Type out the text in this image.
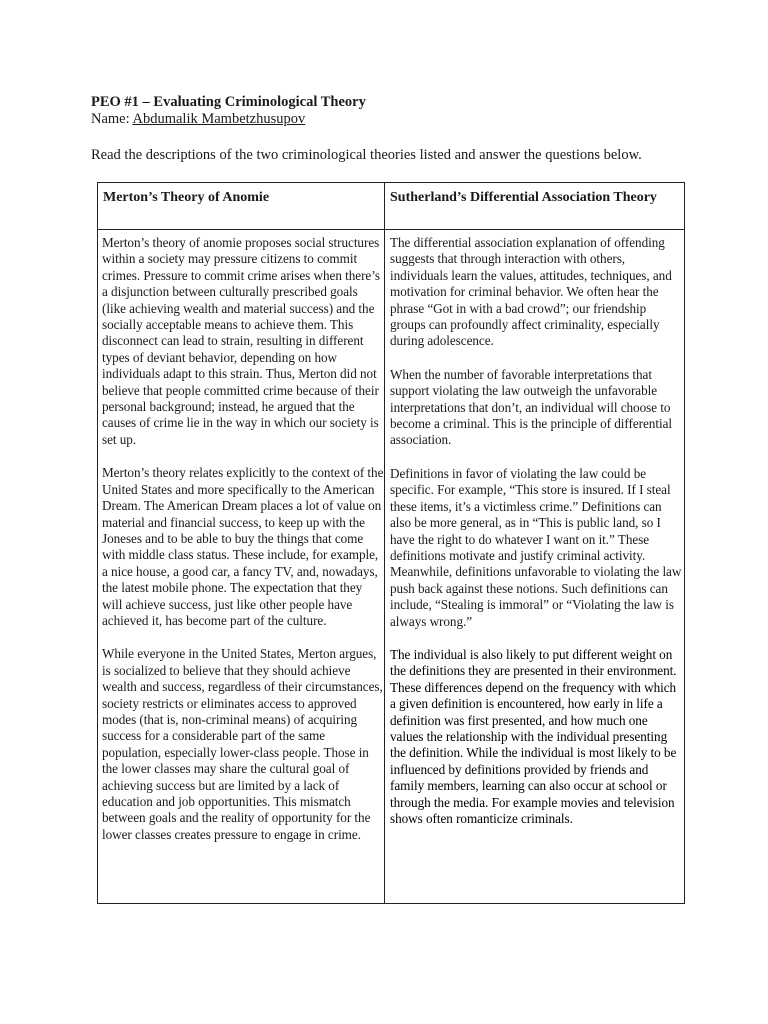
PEO #1 – Evaluating Criminological Theory
Name: Abdumalik Mambetzhusupov
Read the descriptions of the two criminological theories listed and answer the questions below.
Merton’s Theory of Anomie	Sutherland’s Differential Association Theory

Merton’s theory of anomie proposes social structures within a society may pressure citizens to commit crimes. Pressure to commit crime arises when there’s a disjunction between culturally prescribed goals (like achieving wealth and material success) and the socially acceptable means to achieve them. This disconnect can lead to strain, resulting in different types of deviant behavior, depending on how individuals adapt to this strain. Thus, Merton did not believe that people committed crime because of their personal background; instead, he argued that the causes of crime lie in the way in which our society is set up.

Merton’s theory relates explicitly to the context of the United States and more specifically to the American Dream. The American Dream places a lot of value on material and financial success, to keep up with the Joneses and to be able to buy the things that come with middle class status. These include, for example, a nice house, a good car, a fancy TV, and, nowadays, the latest mobile phone. The expectation that they will achieve success, just like other people have achieved it, has become part of the culture.

While everyone in the United States, Merton argues, is socialized to believe that they should achieve wealth and success, regardless of their circumstances, society restricts or eliminates access to approved modes (that is, non-criminal means) of acquiring success for a considerable part of the same population, especially lower-class people. Those in the lower classes may share the cultural goal of achieving success but are limited by a lack of education and job opportunities. This mismatch between goals and the reality of opportunity for the lower classes creates pressure to engage in crime.

The differential association explanation of offending suggests that through interaction with others, individuals learn the values, attitudes, techniques, and motivation for criminal behavior. We often hear the phrase “Got in with a bad crowd”; our friendship groups can profoundly affect criminality, especially during adolescence.

When the number of favorable interpretations that support violating the law outweigh the unfavorable interpretations that don’t, an individual will choose to become a criminal. This is the principle of differential association.

Definitions in favor of violating the law could be specific. For example, “This store is insured. If I steal these items, it’s a victimless crime.” Definitions can also be more general, as in “This is public land, so I have the right to do whatever I want on it.” These definitions motivate and justify criminal activity. Meanwhile, definitions unfavorable to violating the law push back against these notions. Such definitions can include, “Stealing is immoral” or “Violating the law is always wrong.”

The individual is also likely to put different weight on the definitions they are presented in their environment. These differences depend on the frequency with which a given definition is encountered, how early in life a definition was first presented, and how much one values the relationship with the individual presenting the definition. While the individual is most likely to be influenced by definitions provided by friends and family members, learning can also occur at school or through the media. For example movies and television shows often romanticize criminals.
